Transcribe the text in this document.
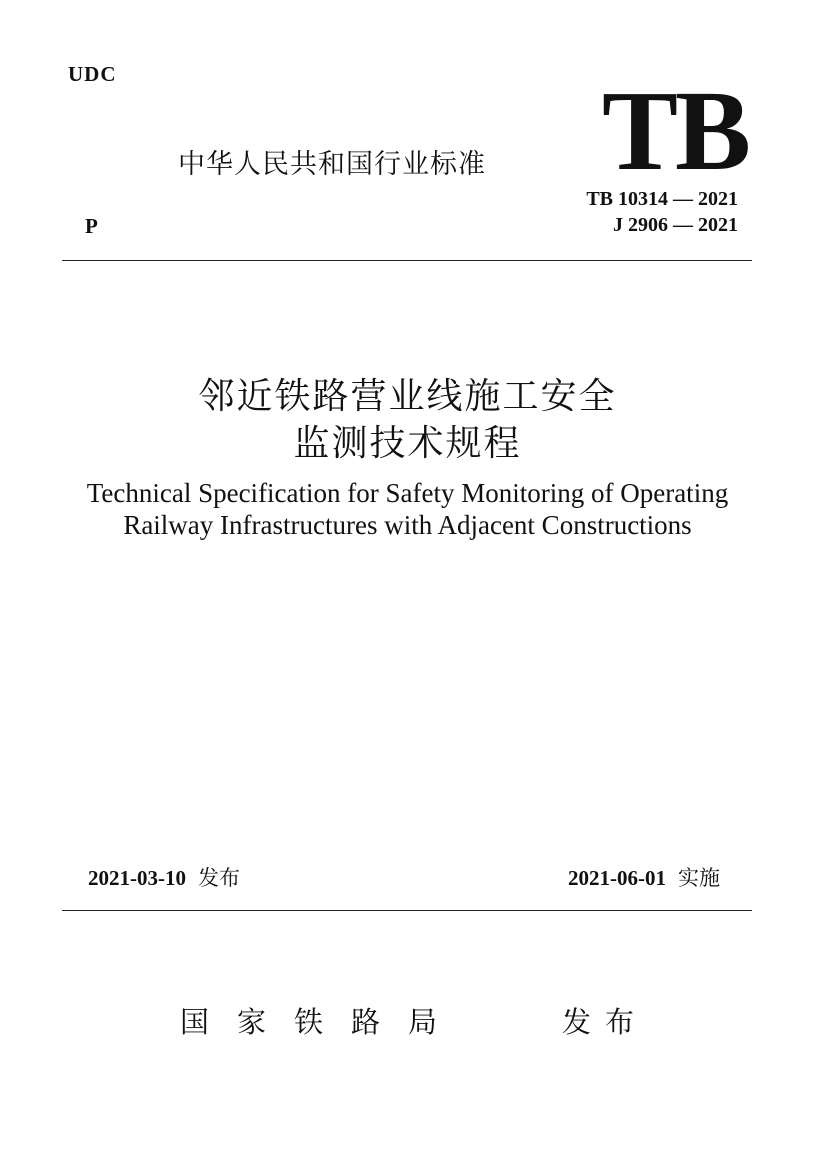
UDC
中华人民共和国行业标准 TB
TB 10314 — 2021
P	J 2906 — 2021
邻近铁路营业线施工安全
监测技术规程
Technical Specification for Safety Monitoring of Operating
Railway Infrastructures with Adjacent Constructions
2021-03-10 发布	2021-06-01 实施
国家铁路局	发布
